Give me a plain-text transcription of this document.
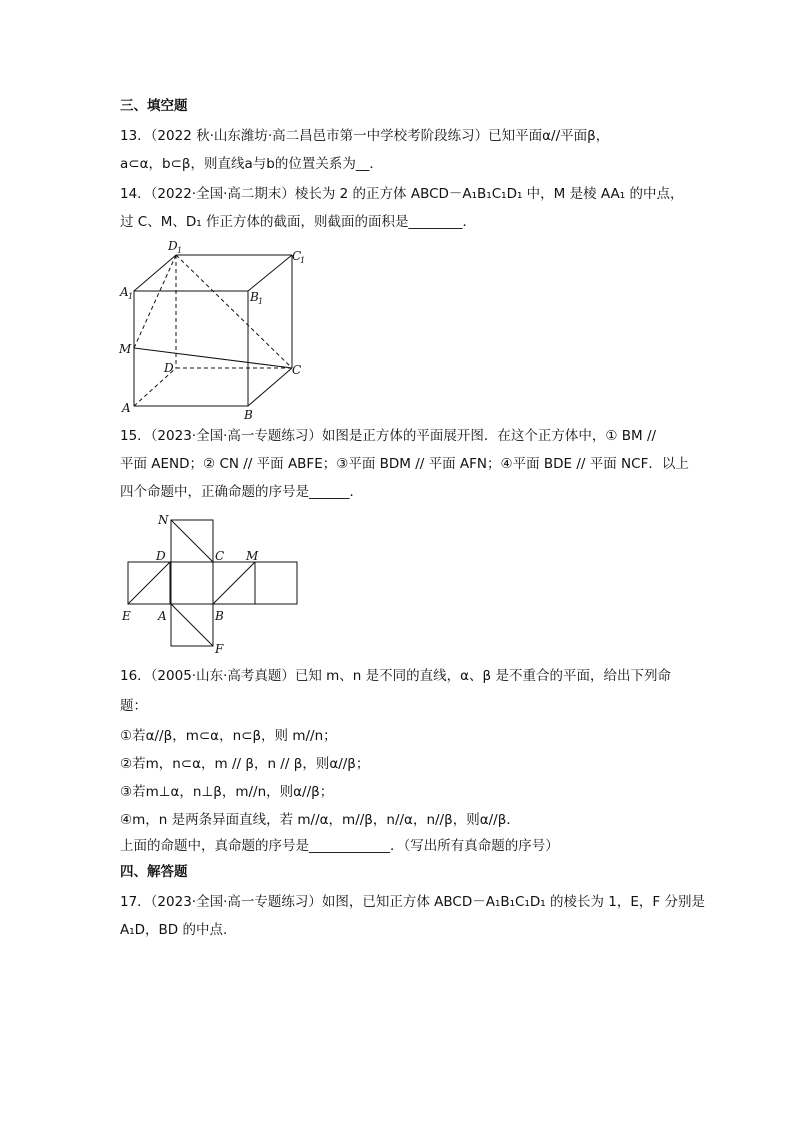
三、填空题
13．（2022 秋·山东潍坊·高二昌邑市第一中学校考阶段练习）已知平面α//平面β，
a⊂α，b⊂β，则直线a与b的位置关系为__．
14．（2022·全国·高二期末）棱长为 2 的正方体 ABCD－A₁B₁C₁D₁ 中，M 是棱 AA₁ 的中点，
过 C、M、D₁ 作正方体的截面，则截面的面积是________．
D 1	C
1
A 1	B 1
M
D	C
A	B
15．（2023·全国·高一专题练习）如图是正方体的平面展开图．在这个正方体中，① BM //
平面 AEND；② CN // 平面 ABFE；③平面 BDM // 平面 AFN；④平面 BDE // 平面 NCF．以上
四个命题中，正确命题的序号是______．
N
D	C M
E A	B
F
16．（2005·山东·高考真题）已知 m、n 是不同的直线，α、β 是不重合的平面，给出下列命
题：
①若α//β，m⊂α，n⊂β，则 m//n；
②若m，n⊂α，m // β，n // β，则α//β；
③若m⊥α，n⊥β，m//n，则α//β；
④m，n 是两条异面直线，若 m//α，m//β，n//α，n//β，则α//β．
上面的命题中，真命题的序号是____________．（写出所有真命题的序号）
四、解答题
17．（2023·全国·高一专题练习）如图，已知正方体 ABCD－A₁B₁C₁D₁ 的棱长为 1，E，F 分别是
A₁D，BD 的中点.
